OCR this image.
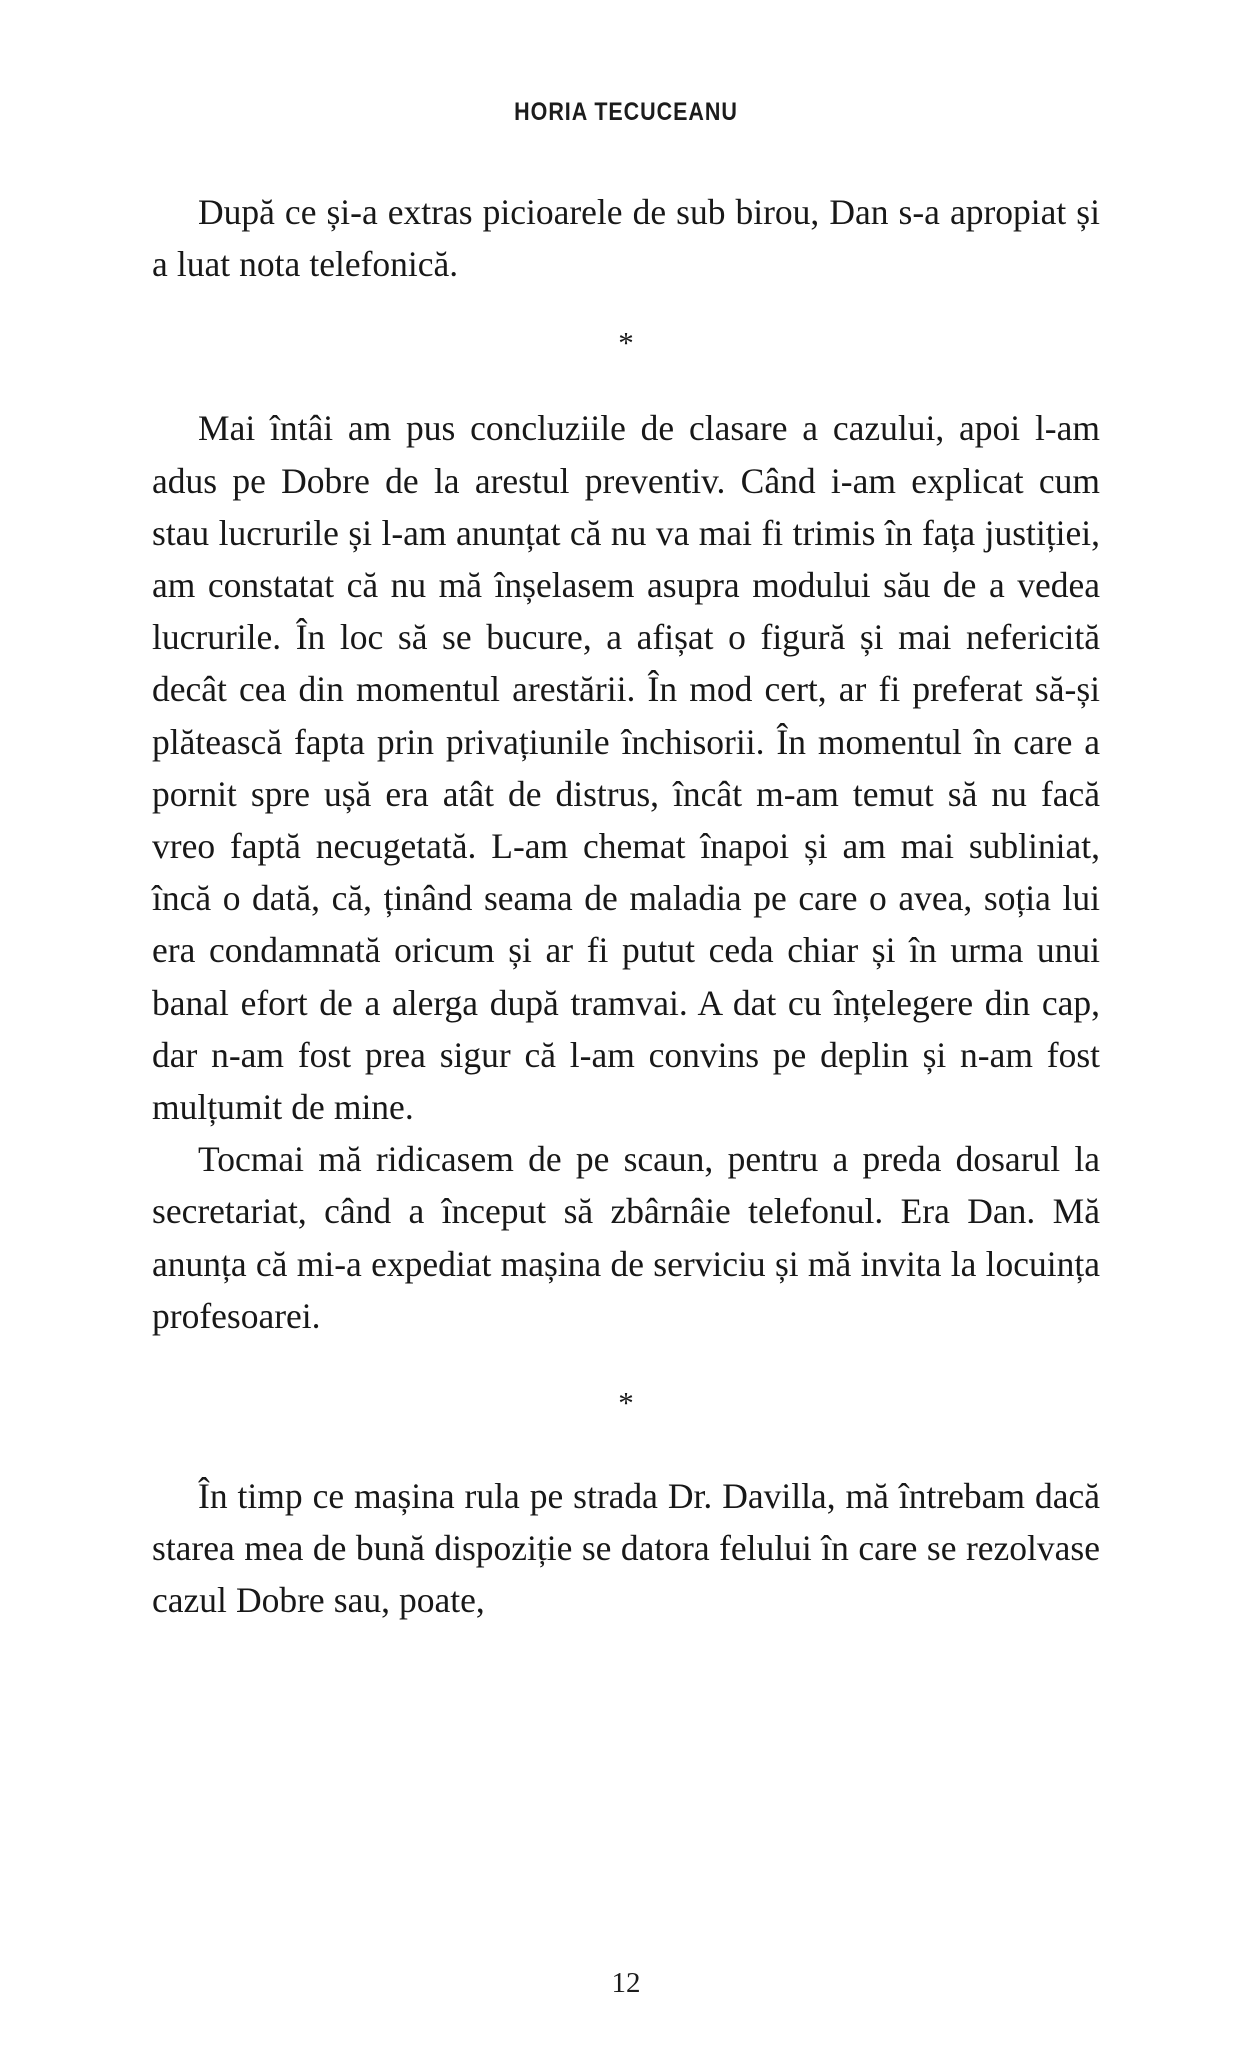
HORIA TECUCEANU

După ce și-a extras picioarele de sub birou, Dan s-a apropiat și a luat nota telefonică.

*

Mai întâi am pus concluziile de clasare a cazului, apoi l-am adus pe Dobre de la arestul preventiv. Când i-am explicat cum stau lucrurile și l-am anunțat că nu va mai fi trimis în fața justiției, am constatat că nu mă înșelasem asupra modului său de a vedea lucrurile. În loc să se bucure, a afișat o figură și mai nefericită decât cea din momentul arestării. În mod cert, ar fi preferat să-și plătească fapta prin privațiunile închisorii. În momentul în care a pornit spre ușă era atât de distrus, încât m-am temut să nu facă vreo faptă necugetată. L-am chemat înapoi și am mai subliniat, încă o dată, că, ținând seama de maladia pe care o avea, soția lui era condamnată oricum și ar fi putut ceda chiar și în urma unui banal efort de a alerga după tramvai. A dat cu înțelegere din cap, dar n-am fost prea sigur că l-am convins pe deplin și n-am fost mulțumit de mine.

Tocmai mă ridicasem de pe scaun, pentru a preda dosarul la secretariat, când a început să zbârnâie telefonul. Era Dan. Mă anunța că mi-a expediat mașina de serviciu și mă invita la locuința profesoarei.

*

În timp ce mașina rula pe strada Dr. Davilla, mă întrebam dacă starea mea de bună dispoziție se datora felului în care se rezolvase cazul Dobre sau, poate,

12
